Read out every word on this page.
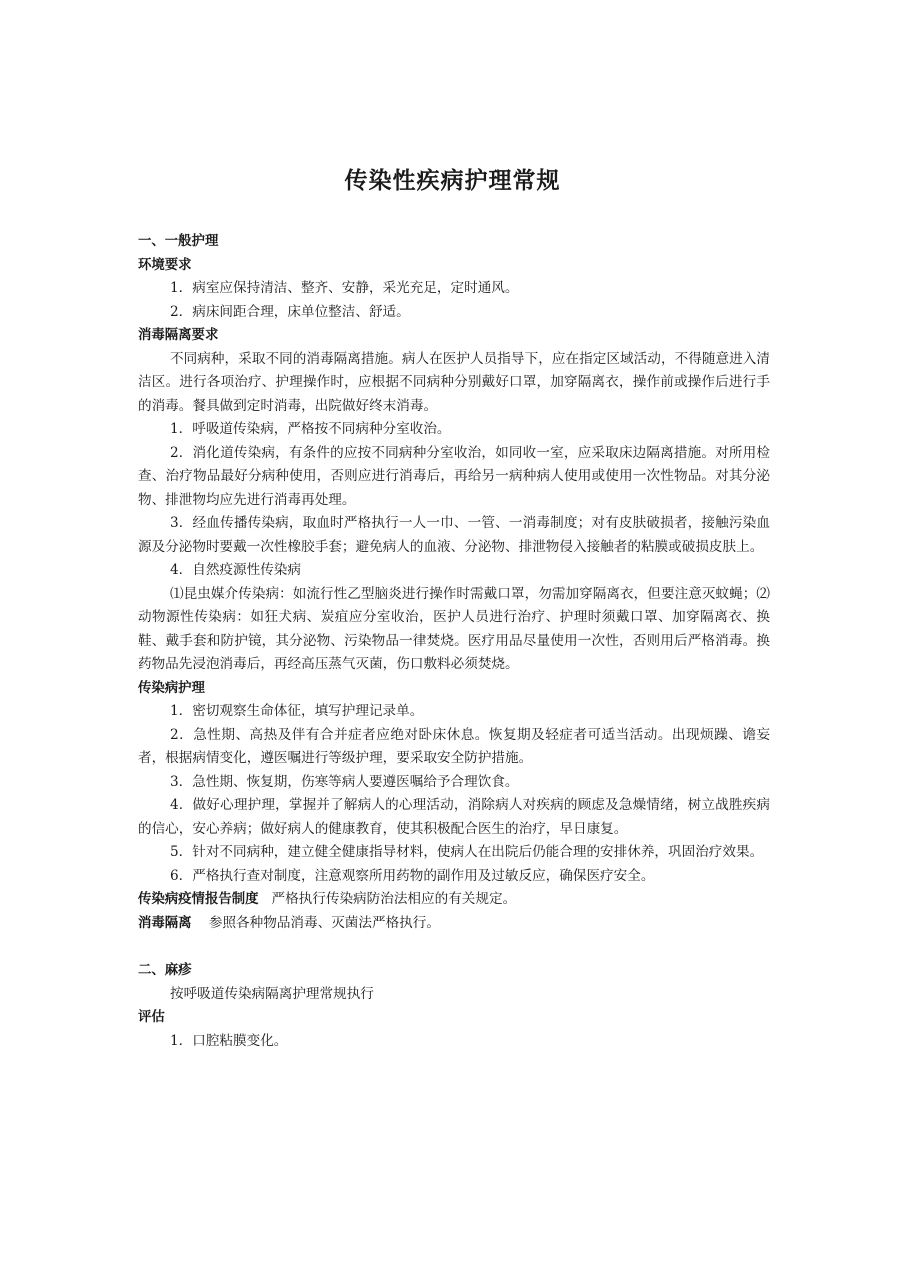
传染性疾病护理常规

一、一般护理

环境要求

1．病室应保持清洁、整齐、安静，采光充足，定时通风。

2．病床间距合理，床单位整洁、舒适。

消毒隔离要求

不同病种，采取不同的消毒隔离措施。病人在医护人员指导下，应在指定区域活动，不得随意进入清洁区。进行各项治疗、护理操作时，应根据不同病种分别戴好口罩，加穿隔离衣，操作前或操作后进行手的消毒。餐具做到定时消毒，出院做好终末消毒。

1．呼吸道传染病，严格按不同病种分室收治。

2．消化道传染病，有条件的应按不同病种分室收治，如同收一室，应采取床边隔离措施。对所用检查、治疗物品最好分病种使用，否则应进行消毒后，再给另一病种病人使用或使用一次性物品。对其分泌物、排泄物均应先进行消毒再处理。

3．经血传播传染病，取血时严格执行一人一巾、一管、一消毒制度；对有皮肤破损者，接触污染血源及分泌物时要戴一次性橡胶手套；避免病人的血液、分泌物、排泄物侵入接触者的粘膜或破损皮肤上。

4．自然疫源性传染病

⑴昆虫媒介传染病：如流行性乙型脑炎进行操作时需戴口罩，勿需加穿隔离衣，但要注意灭蚊蝇；⑵动物源性传染病：如狂犬病、炭疽应分室收治，医护人员进行治疗、护理时须戴口罩、加穿隔离衣、换鞋、戴手套和防护镜，其分泌物、污染物品一律焚烧。医疗用品尽量使用一次性，否则用后严格消毒。换药物品先浸泡消毒后，再经高压蒸气灭菌，伤口敷料必须焚烧。

传染病护理

1．密切观察生命体征，填写护理记录单。

2．急性期、高热及伴有合并症者应绝对卧床休息。恢复期及轻症者可适当活动。出现烦躁、谵妄者，根据病情变化，遵医嘱进行等级护理，要采取安全防护措施。

3．急性期、恢复期，伤寒等病人要遵医嘱给予合理饮食。

4．做好心理护理，掌握并了解病人的心理活动，消除病人对疾病的顾虑及急燥情绪，树立战胜疾病的信心，安心养病；做好病人的健康教育，使其积极配合医生的治疗，早日康复。

5．针对不同病种，建立健全健康指导材料，使病人在出院后仍能合理的安排休养，巩固治疗效果。

6．严格执行查对制度，注意观察所用药物的副作用及过敏反应，确保医疗安全。

传染病疫情报告制度 严格执行传染病防治法相应的有关规定。

消毒隔离 参照各种物品消毒、灭菌法严格执行。

二、麻疹

按呼吸道传染病隔离护理常规执行

评估

1．口腔粘膜变化。
